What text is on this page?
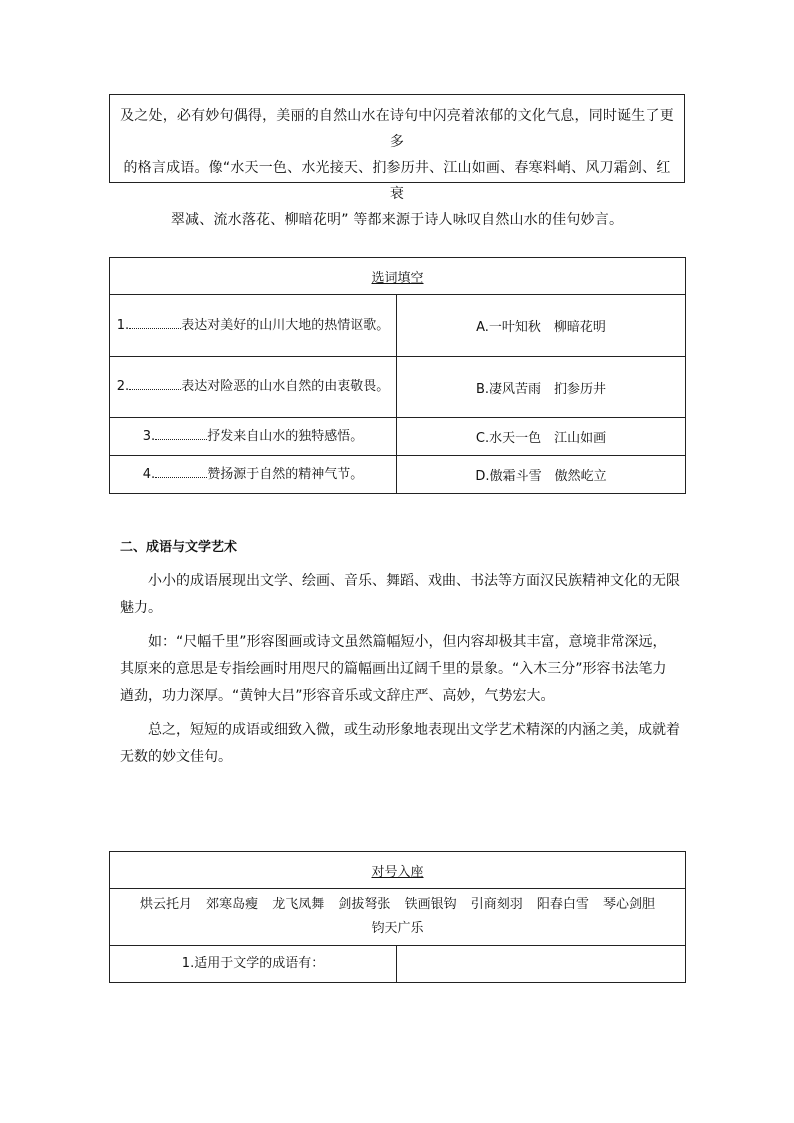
及之处，必有妙句偶得，美丽的自然山水在诗句中闪亮着浓郁的文化气息，同时诞生了更多

的格言成语。像“水天一色、水光接天、扪参历井、江山如画、春寒料峭、风刀霜剑、红衰

翠减、流水落花、柳暗花明” 等都来源于诗人咏叹自然山水的佳句妙言。

选词填空	
1. 表达对美好的山川大地的热情讴歌。	A.一叶知秋　柳暗花明
2. 表达对险恶的山水自然的由衷敬畏。	B.凄风苦雨　扪参历井
3. 抒发来自山水的独特感悟。	C.水天一色　江山如画
4. 赞扬源于自然的精神气节。	D.傲霜斗雪　傲然屹立
二、成语与文学艺术

小小的成语展现出文学、绘画、音乐、舞蹈、戏曲、书法等方面汉民族精神文化的无限魅力。

如：“尺幅千里”形容图画或诗文虽然篇幅短小，但内容却极其丰富，意境非常深远，其原来的意思是专指绘画时用咫尺的篇幅画出辽阔千里的景象。“入木三分”形容书法笔力遒劲，功力深厚。“黄钟大吕”形容音乐或文辞庄严、高妙，气势宏大。

总之，短短的成语或细致入微，或生动形象地表现出文学艺术精深的内涵之美，成就着无数的妙文佳句。

对号入座
烘云托月 郊寒岛瘦 龙飞凤舞 剑拔弩张 铁画银钩 引商刻羽 阳春白雪 琴心剑胆 钧天广乐
1.适用于文学的成语有：	
